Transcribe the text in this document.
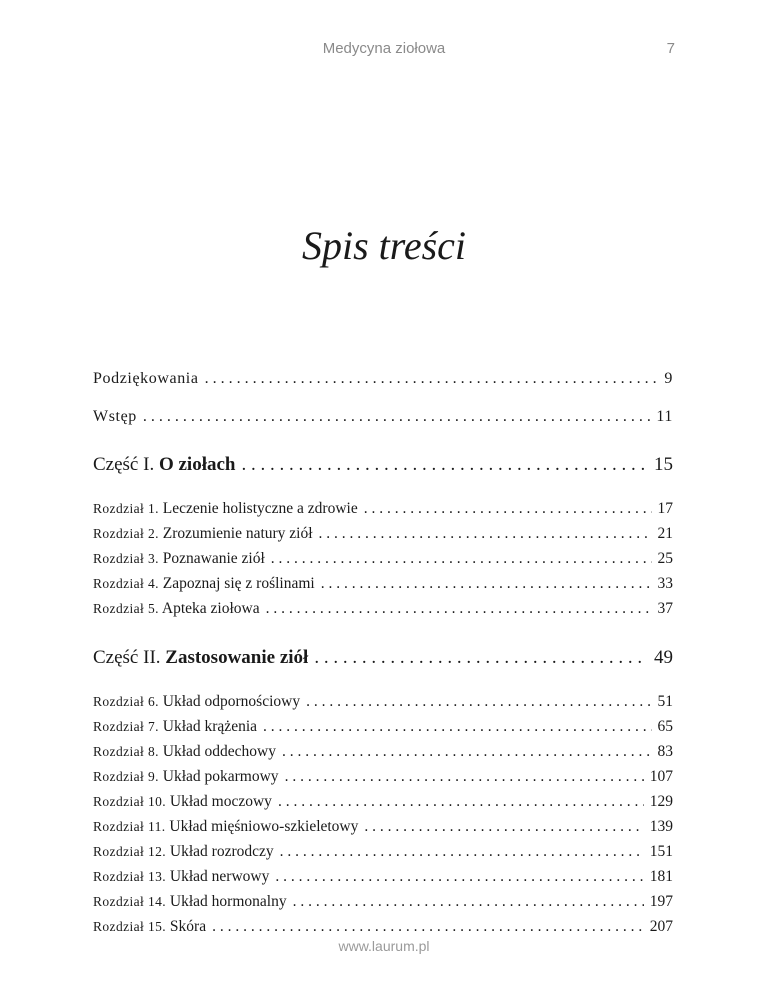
Medycyna ziołowa	7
Spis treści
Podziękowania . . .	9
Wstęp . . .	11
Część I. O ziołach . . .	15
Rozdział 1. Leczenie holistyczne a zdrowie . . .	17
Rozdział 2. Zrozumienie natury ziół . . .	21
Rozdział 3. Poznawanie ziół . . .	25
Rozdział 4. Zapoznaj się z roślinami . . .	33
Rozdział 5. Apteka ziołowa . . .	37
Część II. Zastosowanie ziół . . .	49
Rozdział 6. Układ odpornościowy . . .	51
Rozdział 7. Układ krążenia . . .	65
Rozdział 8. Układ oddechowy . . .	83
Rozdział 9. Układ pokarmowy . . .	107
Rozdział 10. Układ moczowy . . .	129
Rozdział 11. Układ mięśniowo-szkieletowy . . .	139
Rozdział 12. Układ rozrodczy . . .	151
Rozdział 13. Układ nerwowy . . .	181
Rozdział 14. Układ hormonalny . . .	197
Rozdział 15. Skóra . . .	207
www.laurum.pl
